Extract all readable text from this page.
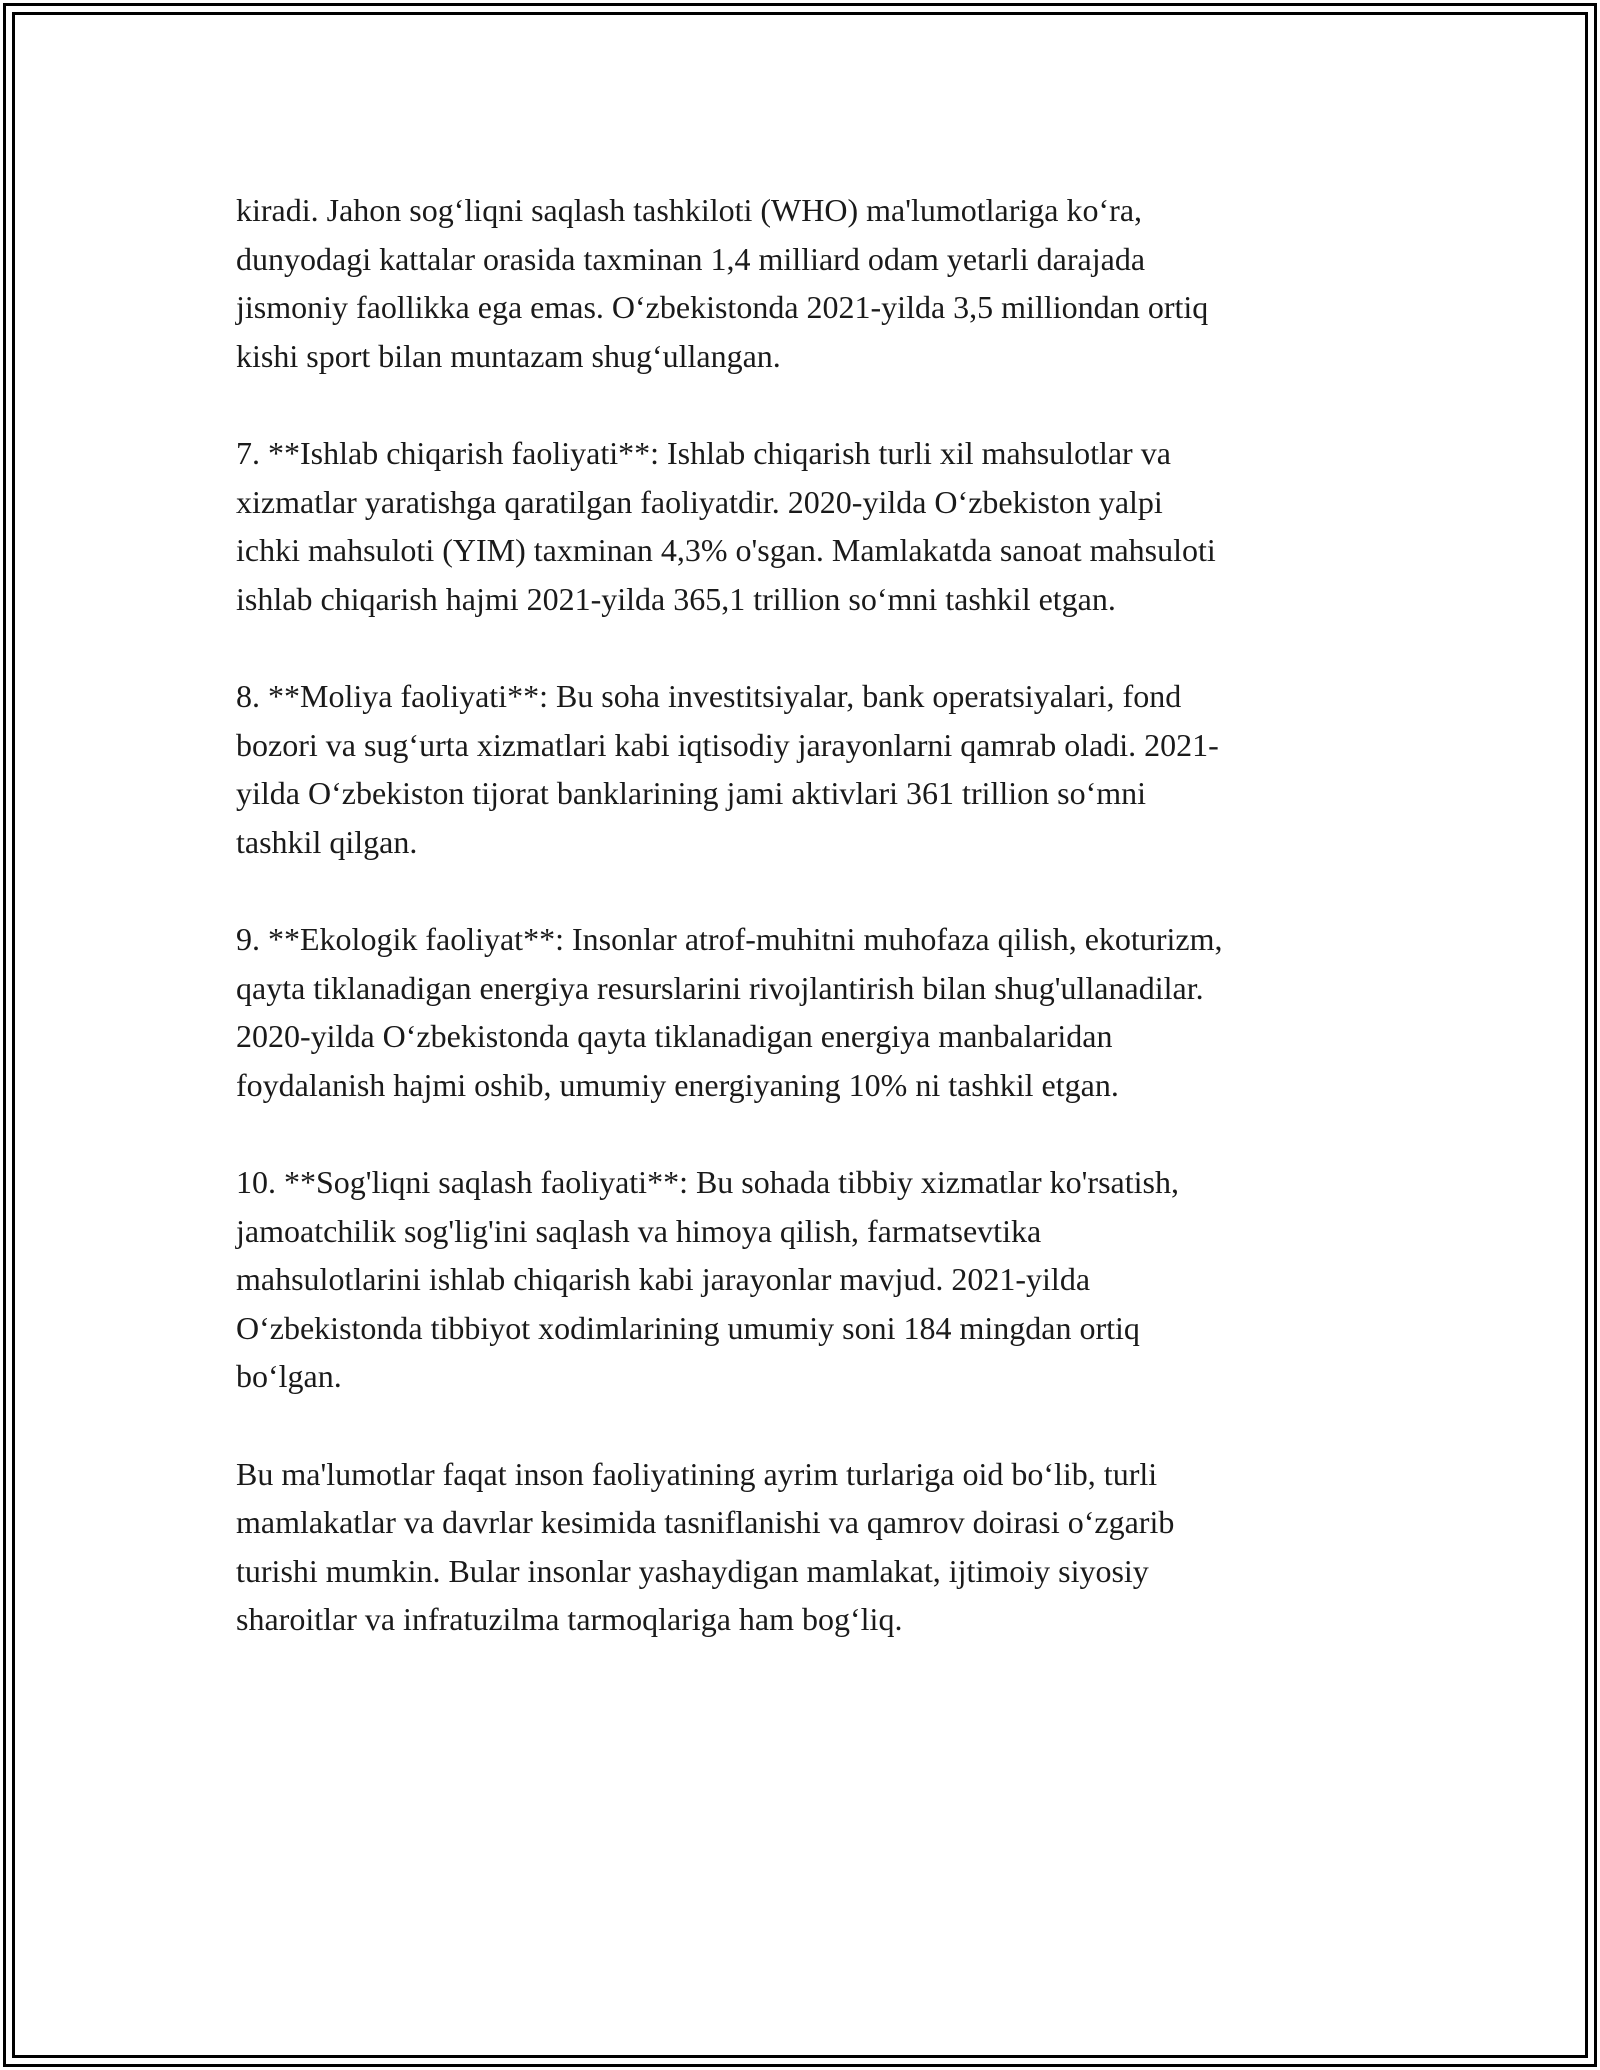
kiradi. Jahon sog‘liqni saqlash tashkiloti (WHO) ma'lumotlariga ko‘ra,
dunyodagi kattalar orasida taxminan 1,4 milliard odam yetarli darajada
jismoniy faollikka ega emas. O‘zbekistonda 2021-yilda 3,5 milliondan ortiq
kishi sport bilan muntazam shug‘ullangan.

7. **Ishlab chiqarish faoliyati**: Ishlab chiqarish turli xil mahsulotlar va
xizmatlar yaratishga qaratilgan faoliyatdir. 2020-yilda O‘zbekiston yalpi
ichki mahsuloti (YIM) taxminan 4,3% o'sgan. Mamlakatda sanoat mahsuloti
ishlab chiqarish hajmi 2021-yilda 365,1 trillion so‘mni tashkil etgan.

8. **Moliya faoliyati**: Bu soha investitsiyalar, bank operatsiyalari, fond
bozori va sug‘urta xizmatlari kabi iqtisodiy jarayonlarni qamrab oladi. 2021-
yilda O‘zbekiston tijorat banklarining jami aktivlari 361 trillion so‘mni
tashkil qilgan.

9. **Ekologik faoliyat**: Insonlar atrof-muhitni muhofaza qilish, ekoturizm,
qayta tiklanadigan energiya resurslarini rivojlantirish bilan shug'ullanadilar.
2020-yilda O‘zbekistonda qayta tiklanadigan energiya manbalaridan
foydalanish hajmi oshib, umumiy energiyaning 10% ni tashkil etgan.

10. **Sog'liqni saqlash faoliyati**: Bu sohada tibbiy xizmatlar ko'rsatish,
jamoatchilik sog'lig'ini saqlash va himoya qilish, farmatsevtika
mahsulotlarini ishlab chiqarish kabi jarayonlar mavjud. 2021-yilda
O‘zbekistonda tibbiyot xodimlarining umumiy soni 184 mingdan ortiq
bo‘lgan.

Bu ma'lumotlar faqat inson faoliyatining ayrim turlariga oid bo‘lib, turli
mamlakatlar va davrlar kesimida tasniflanishi va qamrov doirasi o‘zgarib
turishi mumkin. Bular insonlar yashaydigan mamlakat, ijtimoiy siyosiy
sharoitlar va infratuzilma tarmoqlariga ham bog‘liq.
